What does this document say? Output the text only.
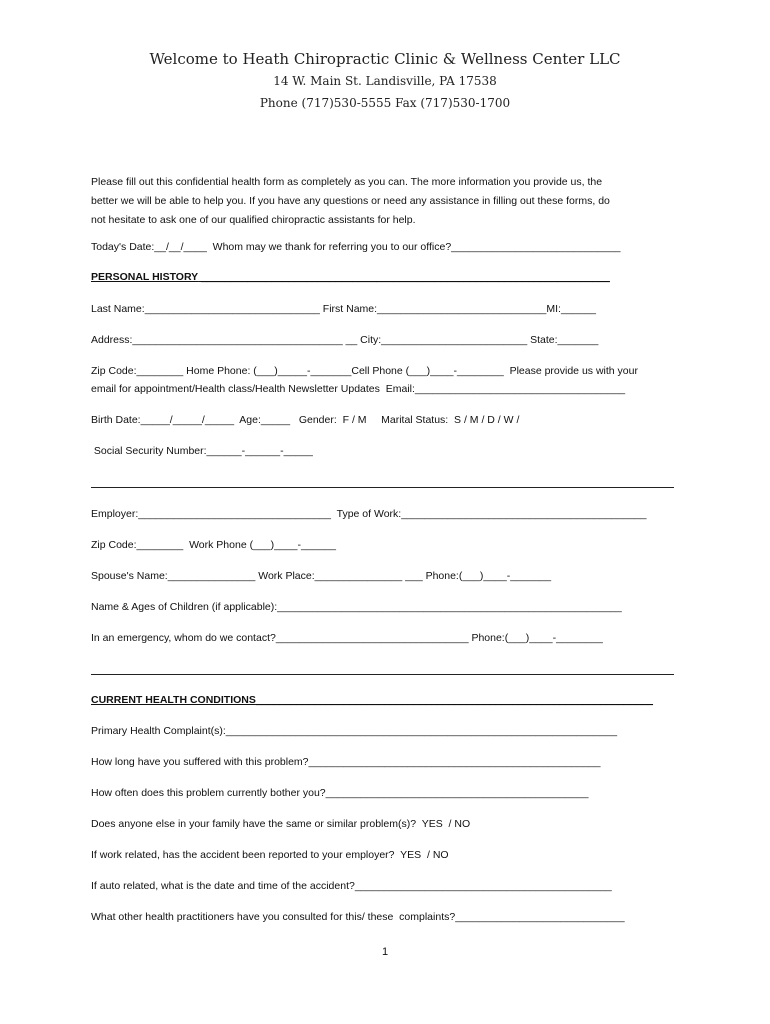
Welcome to Heath Chiropractic Clinic & Wellness Center LLC
14 W. Main St. Landisville, PA 17538
Phone (717)530-5555 Fax (717)530-1700
Please fill out this confidential health form as completely as you can. The more information you provide us, the
better we will be able to help you. If you have any questions or need any assistance in filling out these forms, do
not hesitate to ask one of our qualified chiropractic assistants for help.
Today's Date:__/__/____  Whom may we thank for referring you to our office?_____________________________
PERSONAL HISTORY ______________________________________________________________________
Last Name:______________________________ First Name:_____________________________MI:______
Address:____________________________________ __ City:_________________________ State:_______
Zip Code:________ Home Phone: (___)_____-_______Cell Phone (___)____-________  Please provide us with your
email for appointment/Health class/Health Newsletter Updates  Email:____________________________________
Birth Date:_____/_____/_____  Age:_____   Gender:  F / M     Marital Status:  S / M / D / W /
Social Security Number:______-______-_____
Employer:_________________________________  Type of Work:__________________________________________
Zip Code:________  Work Phone (___)____-______
Spouse's Name:_______________ Work Place:_______________ ___ Phone:(___)____-_______
Name & Ages of Children (if applicable):___________________________________________________________
In an emergency, whom do we contact?_________________________________ Phone:(___)____-________
CURRENT HEALTH CONDITIONS____________________________________________________________________
Primary Health Complaint(s):___________________________________________________________________
How long have you suffered with this problem?__________________________________________________
How often does this problem currently bother you?_____________________________________________
Does anyone else in your family have the same or similar problem(s)?  YES  / NO
If work related, has the accident been reported to your employer?  YES  / NO
If auto related, what is the date and time of the accident?____________________________________________
What other health practitioners have you consulted for this/ these  complaints?_____________________________
1
